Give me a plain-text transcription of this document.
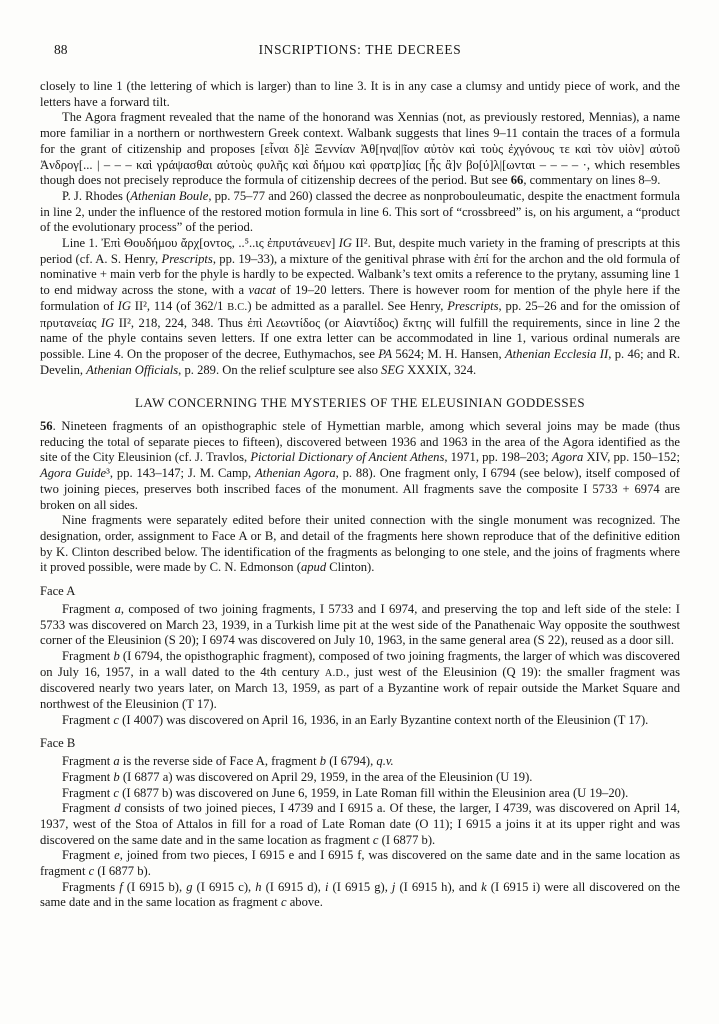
88	INSCRIPTIONS: THE DECREES

closely to line 1 (the lettering of which is larger) than to line 3. It is in any case a clumsy and untidy piece of work, and the letters have a forward tilt.

The Agora fragment revealed that the name of the honorand was Xennias (not, as previously restored, Mennias), a name more familiar in a northern or northwestern Greek context. Walbank suggests that lines 9–11 contain the traces of a formula for the grant of citizenship and proposes [εἶναι δ]ὲ Ξεννίαν Ἀθ[ηνα||ῖον αὐτὸν καὶ τοὺς ἐχγόνους τε καὶ τὸν υἱὸν] αὐτοῦ Ἀνδρογ[... | – – – καὶ γράψασθαι αὐτοὺς φυλῆς καὶ δήμου καὶ φρατρ]ίας [ἧς ἂ]ν βο[ύ]λ|[ωνται – – – – ·, which resembles though does not precisely reproduce the formula of citizenship decrees of the period. But see 66, commentary on lines 8–9.

P. J. Rhodes (Athenian Boule, pp. 75–77 and 260) classed the decree as nonprobouleumatic, despite the enactment formula in line 2, under the influence of the restored motion formula in line 6. This sort of “crossbreed” is, on his argument, a “product of the evolutionary process” of the period.

Line 1. Ἐπὶ Θουδήμου ἄρχ[οντος, ..⁵..ις ἐπρυτάνευεν] IG II². But, despite much variety in the framing of prescripts at this period (cf. A. S. Henry, Prescripts, pp. 19–33), a mixture of the genitival phrase with ἐπί for the archon and the old formula of nominative + main verb for the phyle is hardly to be expected. Walbank’s text omits a reference to the prytany, assuming line 1 to end midway across the stone, with a vacat of 19–20 letters. There is however room for mention of the phyle here if the formulation of IG II², 114 (of 362/1 B.C.) be admitted as a parallel. See Henry, Prescripts, pp. 25–26 and for the omission of πρυτανείας IG II², 218, 224, 348. Thus ἐπὶ Λεωντίδος (or Αἰαντίδος) ἕκτης will fulfill the requirements, since in line 2 the name of the phyle contains seven letters. If one extra letter can be accommodated in line 1, various ordinal numerals are possible. Line 4. On the proposer of the decree, Euthymachos, see PA 5624; M. H. Hansen, Athenian Ecclesia II, p. 46; and R. Develin, Athenian Officials, p. 289. On the relief sculpture see also SEG XXXIX, 324.

LAW CONCERNING THE MYSTERIES OF THE ELEUSINIAN GODDESSES

56. Nineteen fragments of an opisthographic stele of Hymettian marble, among which several joins may be made (thus reducing the total of separate pieces to fifteen), discovered between 1936 and 1963 in the area of the Agora identified as the site of the City Eleusinion (cf. J. Travlos, Pictorial Dictionary of Ancient Athens, 1971, pp. 198–203; Agora XIV, pp. 150–152; Agora Guide³, pp. 143–147; J. M. Camp, Athenian Agora, p. 88). One fragment only, I 6794 (see below), itself composed of two joining pieces, preserves both inscribed faces of the monument. All fragments save the composite I 5733 + 6974 are broken on all sides.

Nine fragments were separately edited before their united connection with the single monument was recognized. The designation, order, assignment to Face A or B, and detail of the fragments here shown reproduce that of the definitive edition by K. Clinton described below. The identification of the fragments as belonging to one stele, and the joins of fragments where it proved possible, were made by C. N. Edmonson (apud Clinton).

Face A

Fragment a, composed of two joining fragments, I 5733 and I 6974, and preserving the top and left side of the stele: I 5733 was discovered on March 23, 1939, in a Turkish lime pit at the west side of the Panathenaic Way opposite the southwest corner of the Eleusinion (S 20); I 6974 was discovered on July 10, 1963, in the same general area (S 22), reused as a door sill.

Fragment b (I 6794, the opisthographic fragment), composed of two joining fragments, the larger of which was discovered on July 16, 1957, in a wall dated to the 4th century A.D., just west of the Eleusinion (Q 19): the smaller fragment was discovered nearly two years later, on March 13, 1959, as part of a Byzantine work of repair outside the Market Square and northwest of the Eleusinion (T 17).

Fragment c (I 4007) was discovered on April 16, 1936, in an Early Byzantine context north of the Eleusinion (T 17).

Face B

Fragment a is the reverse side of Face A, fragment b (I 6794), q.v.

Fragment b (I 6877 a) was discovered on April 29, 1959, in the area of the Eleusinion (U 19).

Fragment c (I 6877 b) was discovered on June 6, 1959, in Late Roman fill within the Eleusinion area (U 19–20).

Fragment d consists of two joined pieces, I 4739 and I 6915 a. Of these, the larger, I 4739, was discovered on April 14, 1937, west of the Stoa of Attalos in fill for a road of Late Roman date (O 11); I 6915 a joins it at its upper right and was discovered on the same date and in the same location as fragment c (I 6877 b).

Fragment e, joined from two pieces, I 6915 e and I 6915 f, was discovered on the same date and in the same location as fragment c (I 6877 b).

Fragments f (I 6915 b), g (I 6915 c), h (I 6915 d), i (I 6915 g), j (I 6915 h), and k (I 6915 i) were all discovered on the same date and in the same location as fragment c above.
